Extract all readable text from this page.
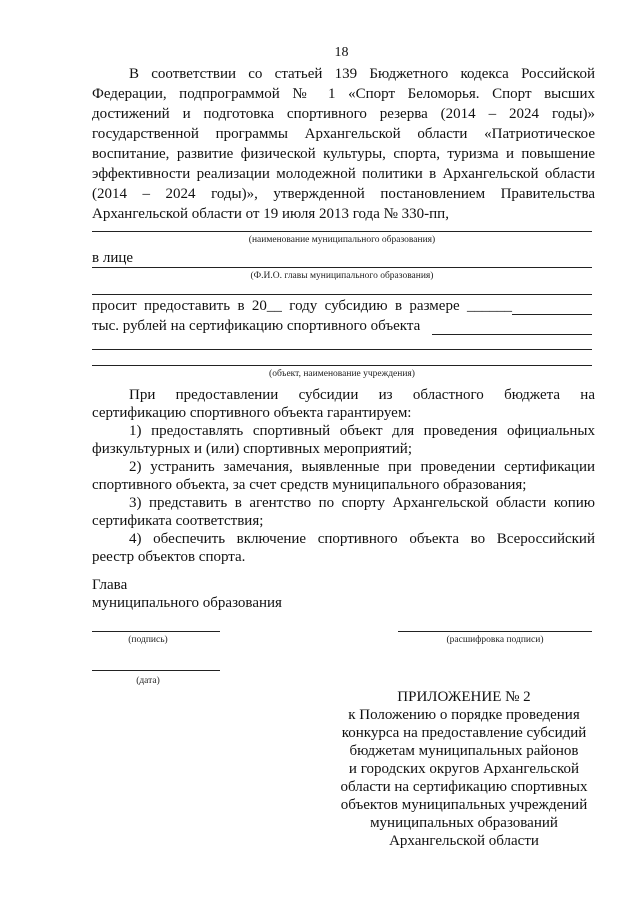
18
В соответствии со статьей 139 Бюджетного кодекса Российской
Федерации, подпрограммой № 1 «Спорт Беломорья. Спорт высших
достижений и подготовка спортивного резерва (2014 – 2024 годы)»
государственной программы Архангельской области «Патриотическое
воспитание, развитие физической культуры, спорта, туризма и повышение
эффективности реализации молодежной политики в Архангельской области
(2014 – 2024 годы)», утвержденной постановлением Правительства
Архангельской области от 19 июля 2013 года № 330-пп,
(наименование муниципального образования)
в лице
(Ф.И.О. главы муниципального образования)
просит предоставить в 20__ году субсидию в размере ______
тыс. рублей на сертификацию спортивного объекта
(объект, наименование учреждения)
При предоставлении субсидии из областного бюджета на
сертификацию спортивного объекта гарантируем:
1) предоставлять спортивный объект для проведения официальных
физкультурных и (или) спортивных мероприятий;
2) устранить замечания, выявленные при проведении сертификации
спортивного объекта, за счет средств муниципального образования;
3) представить в агентство по спорту Архангельской области копию
сертификата соответствия;
4) обеспечить включение спортивного объекта во Всероссийский
реестр объектов спорта.
Глава
муниципального образования
(подпись)	(расшифровка подписи)
(дата)
ПРИЛОЖЕНИЕ № 2
к Положению о порядке проведения
конкурса на предоставление субсидий
бюджетам муниципальных районов
и городских округов Архангельской
области на сертификацию спортивных
объектов муниципальных учреждений
муниципальных образований
Архангельской области
